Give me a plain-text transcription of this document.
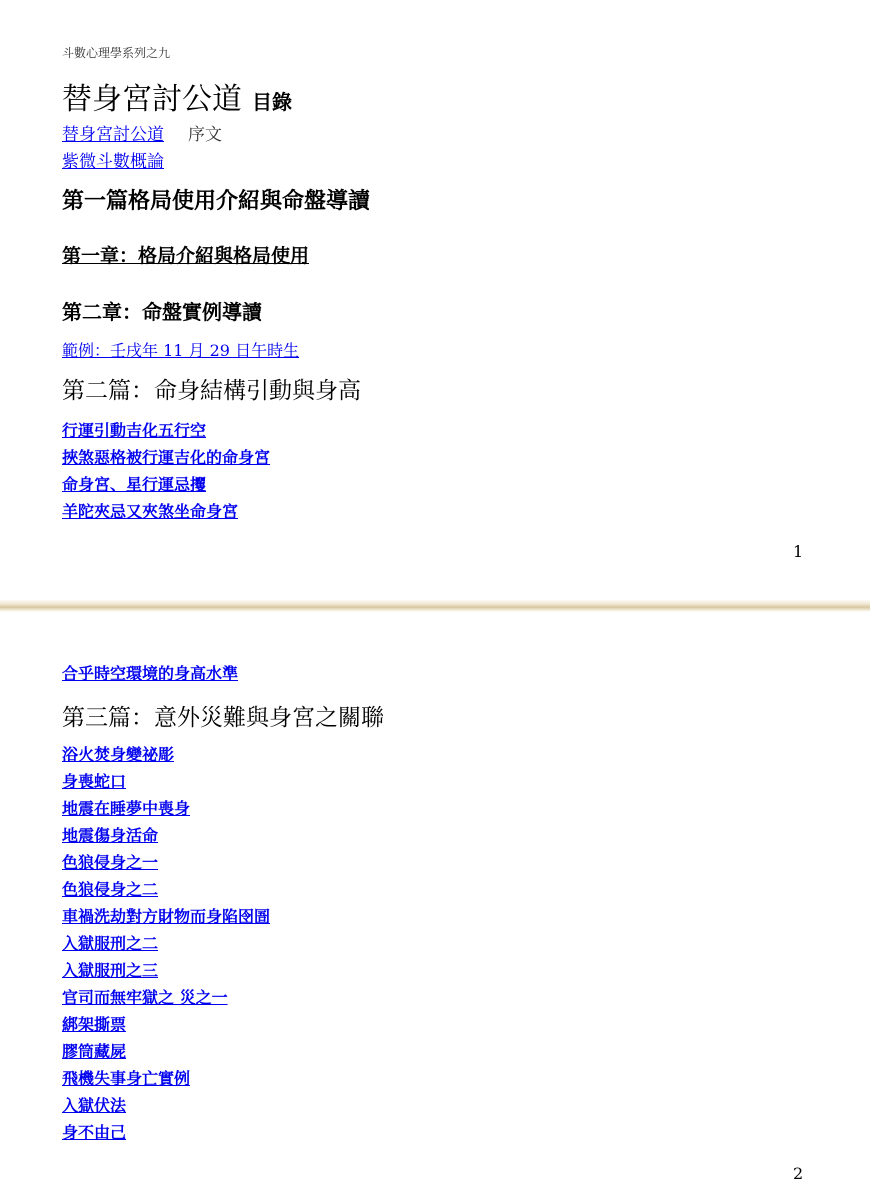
斗數心理學系列之九
替身宮討公道 目錄
替身宮討公道 序文
紫微斗數概論
第一篇格局使用介紹與命盤導讀
第一章：格局介紹與格局使用
第二章：命盤實例導讀
範例：壬戌年 11 月 29 日午時生
第二篇：命身結構引動與身高
行運引動吉化五行空
挾煞惡格被行運吉化的命身宮
命身宮、星行運忌攫
羊陀夾忌又夾煞坐命身宮
1
合乎時空環境的身高水準
第三篇：意外災難與身宮之關聯
浴火焚身變祕彫
身喪蛇口
地震在睡夢中喪身
地震傷身活命
色狼侵身之一
色狼侵身之二
車禍洗劫對方財物而身陷囹圄
入獄服刑之二
入獄服刑之三
官司而無牢獄之 災之一
綁架撕票
膠筒藏屍
飛機失事身亡實例
入獄伏法
身不由己
2
